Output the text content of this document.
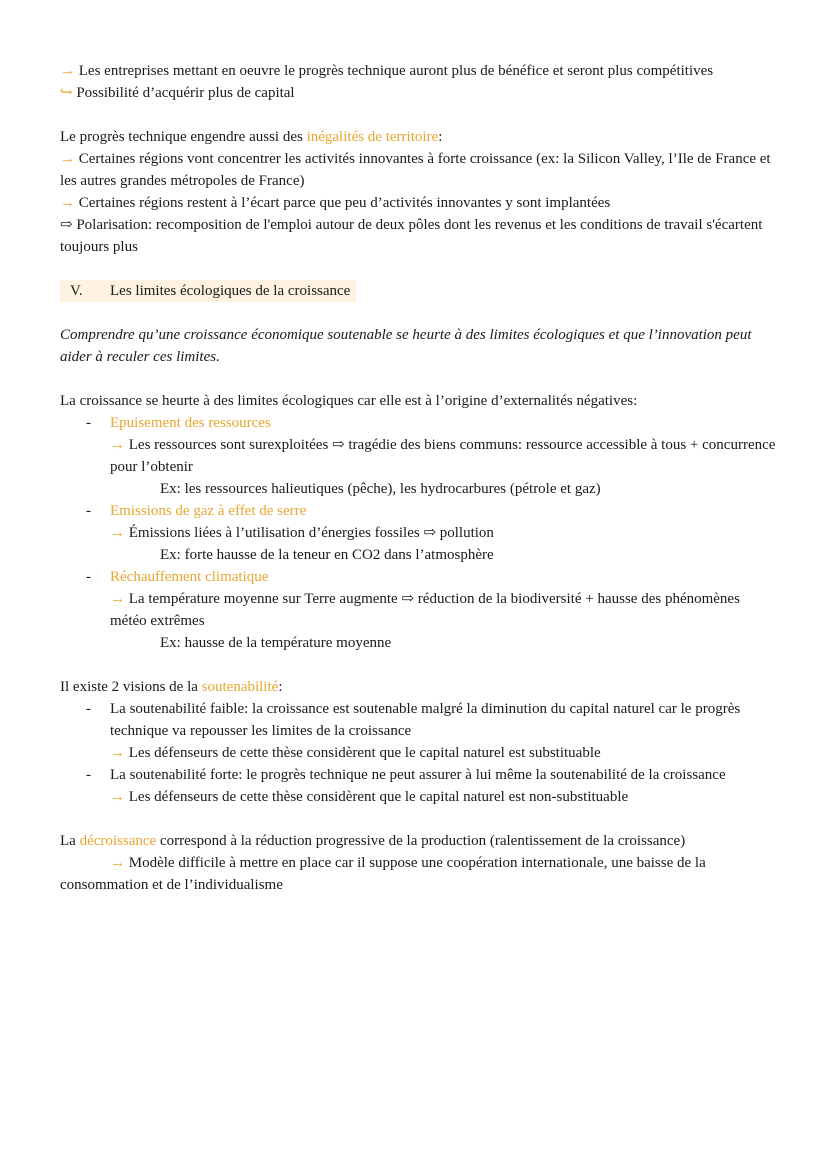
→ Les entreprises mettant en oeuvre le progrès technique auront plus de bénéfice et seront plus compétitives

↪ Possibilité d’acquérir plus de capital

Le progrès technique engendre aussi des inégalités de territoire:

→ Certaines régions vont concentrer les activités innovantes à forte croissance (ex: la Silicon Valley, l’Ile de France et les autres grandes métropoles de France)

→ Certaines régions restent à l’écart parce que peu d’activités innovantes y sont implantées

⇨ Polarisation: recomposition de l'emploi autour de deux pôles dont les revenus et les conditions de travail s'écartent toujours plus

V. Les limites écologiques de la croissance

Comprendre qu’une croissance économique soutenable se heurte à des limites écologiques et que l’innovation peut aider à reculer ces limites.

La croissance se heurte à des limites écologiques car elle est à l’origine d’externalités négatives:

- Epuisement des ressources

→ Les ressources sont surexploitées ⇨ tragédie des biens communs: ressource accessible à tous + concurrence pour l’obtenir

Ex: les ressources halieutiques (pêche), les hydrocarbures (pétrole et gaz)

- Emissions de gaz à effet de serre

→ Émissions liées à l’utilisation d’énergies fossiles ⇨ pollution

Ex: forte hausse de la teneur en CO2 dans l’atmosphère

- Réchauffement climatique

→ La température moyenne sur Terre augmente ⇨ réduction de la biodiversité + hausse des phénomènes météo extrêmes

Ex: hausse de la température moyenne

Il existe 2 visions de la soutenabilité:

- La soutenabilité faible: la croissance est soutenable malgré la diminution du capital naturel car le progrès technique va repousser les limites de la croissance

→ Les défenseurs de cette thèse considèrent que le capital naturel est substituable

- La soutenabilité forte: le progrès technique ne peut assurer à lui même la soutenabilité de la croissance

→ Les défenseurs de cette thèse considèrent que le capital naturel est non-substituable

La décroissance correspond à la réduction progressive de la production (ralentissement de la croissance)

→ Modèle difficile à mettre en place car il suppose une coopération internationale, une baisse de la consommation et de l’individualisme
